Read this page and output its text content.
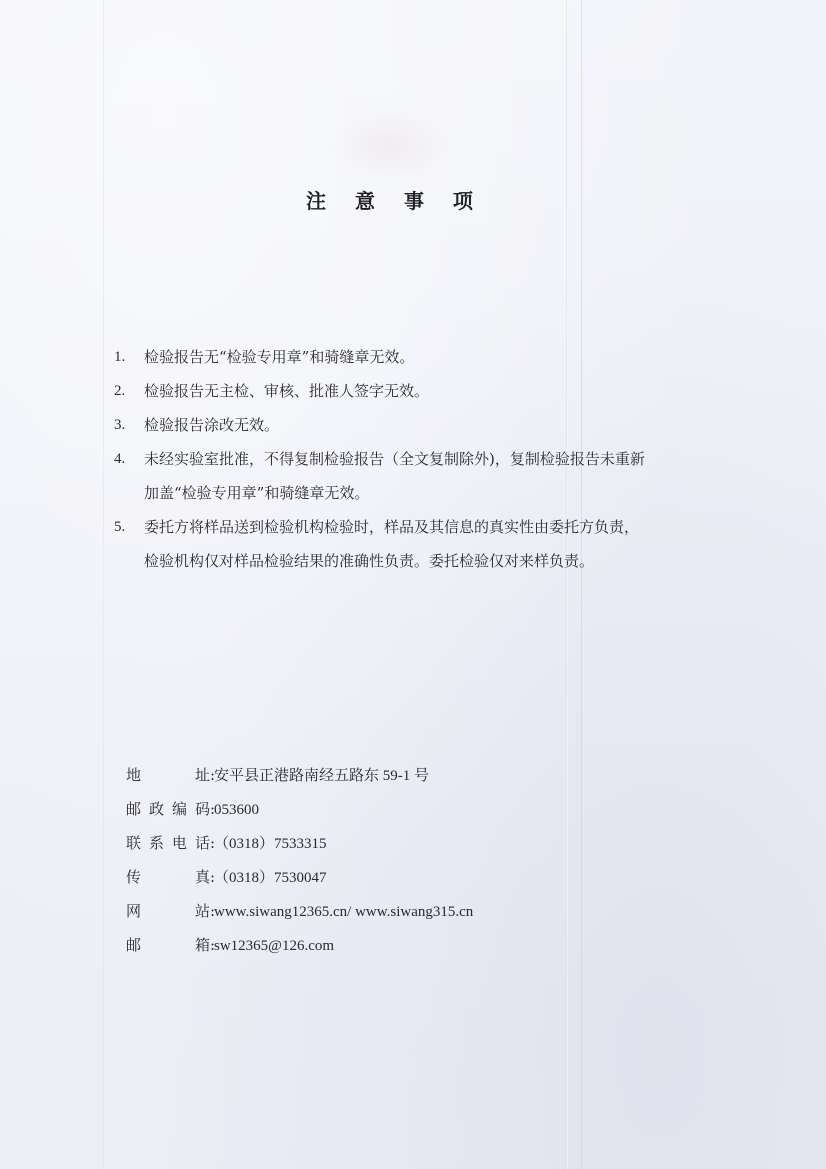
注 意 事 项
1. 检验报告无“检验专用章”和骑缝章无效。
2. 检验报告无主检、审核、批准人签字无效。
3. 检验报告涂改无效。
4. 未经实验室批准，不得复制检验报告（全文复制除外)，复制检验报告未重新
加盖“检验专用章”和骑缝章无效。
5. 委托方将样品送到检验机构检验时，样品及其信息的真实性由委托方负责，
检验机构仅对样品检验结果的准确性负责。委托检验仅对来样负责。
地 址:安平县正港路南经五路东 59-1 号
邮政编码:053600
联系电话:（0318）7533315
传 真:（0318）7530047
网 站:www.siwang12365.cn/ www.siwang315.cn
邮 箱:sw12365@126.com
